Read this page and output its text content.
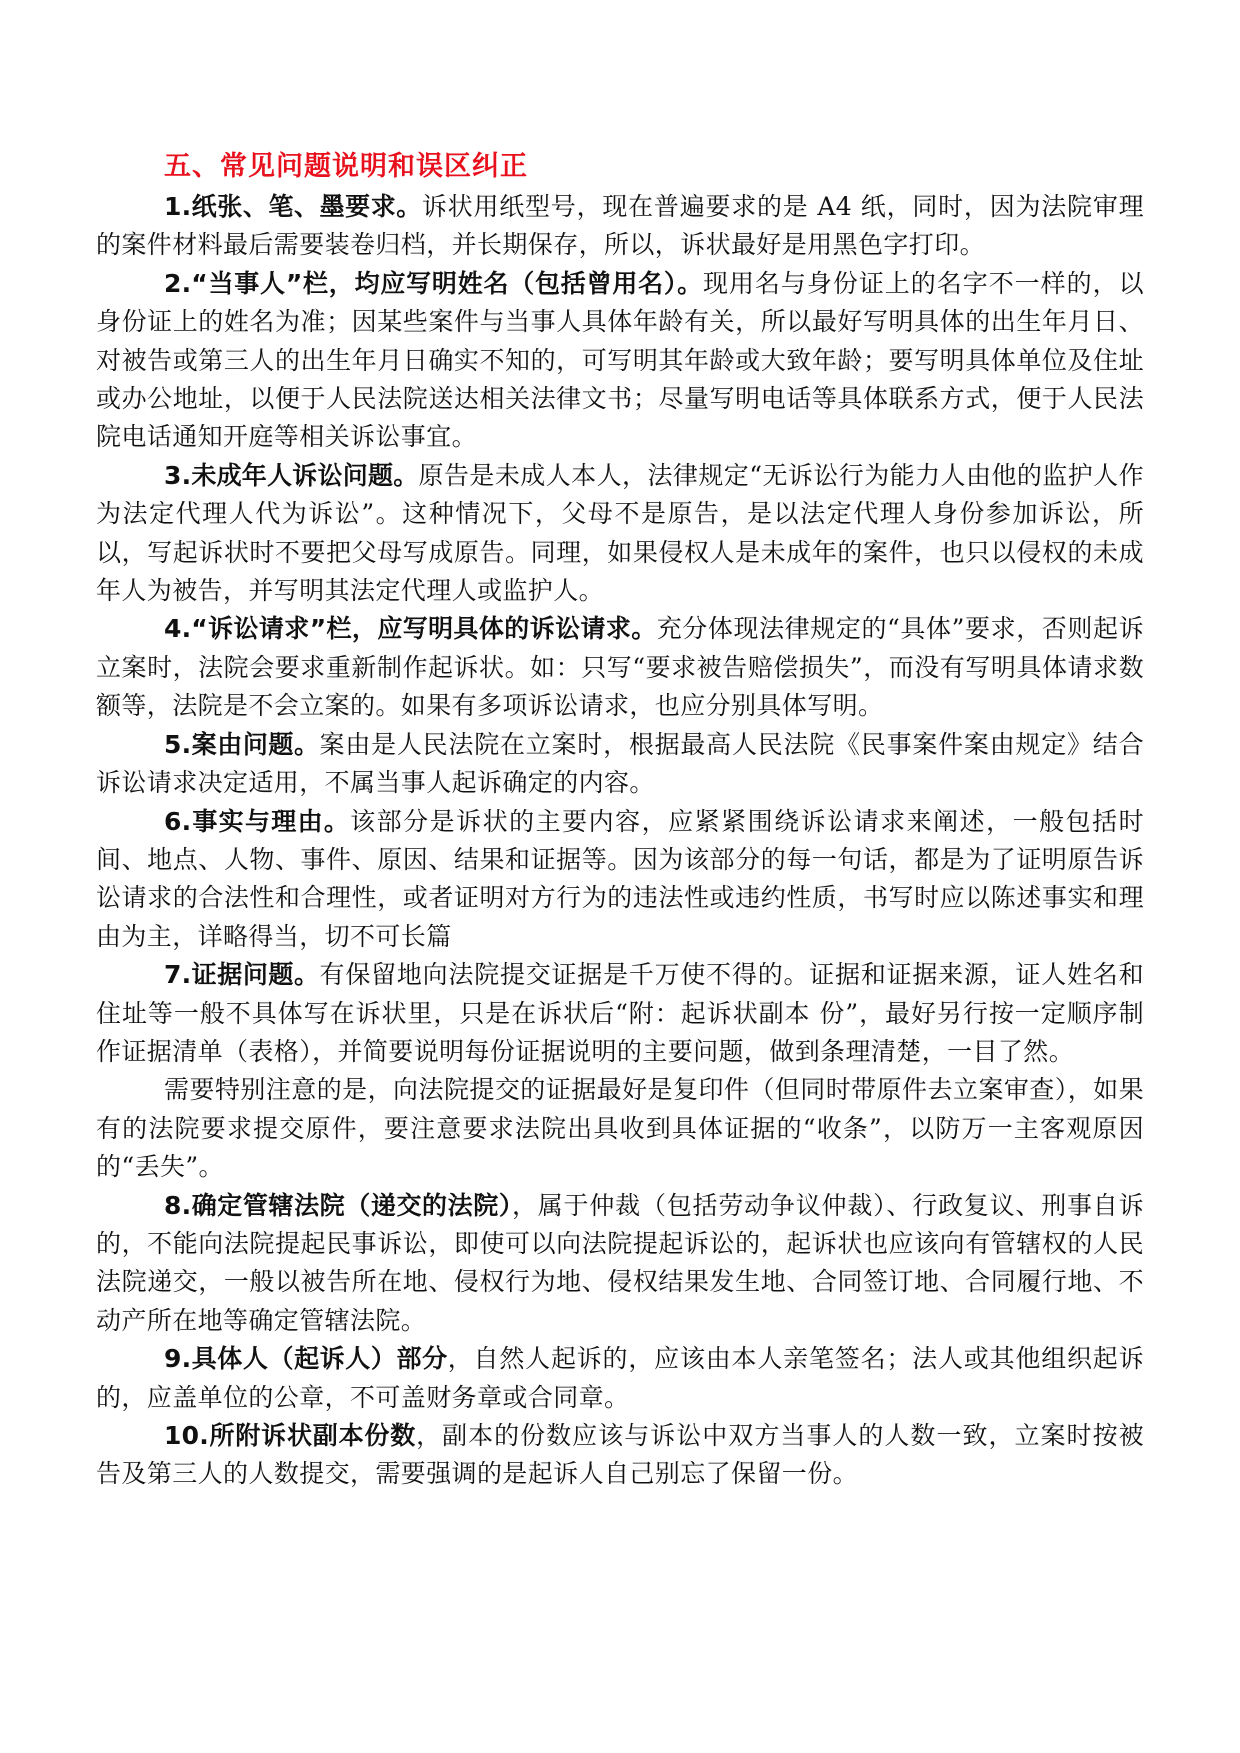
五、常见问题说明和误区纠正

1.纸张、笔、墨要求。诉状用纸型号，现在普遍要求的是 A4 纸，同时，因为法院审理的案件材料最后需要装卷归档，并长期保存，所以，诉状最好是用黑色字打印。

2.“当事人”栏，均应写明姓名（包括曾用名）。现用名与身份证上的名字不一样的，以身份证上的姓名为准；因某些案件与当事人具体年龄有关，所以最好写明具体的出生年月日、对被告或第三人的出生年月日确实不知的，可写明其年龄或大致年龄；要写明具体单位及住址或办公地址，以便于人民法院送达相关法律文书；尽量写明电话等具体联系方式，便于人民法院电话通知开庭等相关诉讼事宜。

3.未成年人诉讼问题。原告是未成人本人，法律规定“无诉讼行为能力人由他的监护人作为法定代理人代为诉讼”。这种情况下，父母不是原告，是以法定代理人身份参加诉讼，所以，写起诉状时不要把父母写成原告。同理，如果侵权人是未成年的案件，也只以侵权的未成年人为被告，并写明其法定代理人或监护人。

4.“诉讼请求”栏，应写明具体的诉讼请求。充分体现法律规定的“具体”要求，否则起诉立案时，法院会要求重新制作起诉状。如：只写“要求被告赔偿损失”，而没有写明具体请求数额等，法院是不会立案的。如果有多项诉讼请求，也应分别具体写明。

5.案由问题。案由是人民法院在立案时，根据最高人民法院《民事案件案由规定》结合诉讼请求决定适用，不属当事人起诉确定的内容。

6.事实与理由。该部分是诉状的主要内容，应紧紧围绕诉讼请求来阐述，一般包括时间、地点、人物、事件、原因、结果和证据等。因为该部分的每一句话，都是为了证明原告诉讼请求的合法性和合理性，或者证明对方行为的违法性或违约性质，书写时应以陈述事实和理由为主，详略得当，切不可长篇

7.证据问题。有保留地向法院提交证据是千万使不得的。证据和证据来源，证人姓名和住址等一般不具体写在诉状里，只是在诉状后“附：起诉状副本 份”，最好另行按一定顺序制作证据清单（表格），并简要说明每份证据说明的主要问题，做到条理清楚，一目了然。

需要特别注意的是，向法院提交的证据最好是复印件（但同时带原件去立案审查），如果有的法院要求提交原件，要注意要求法院出具收到具体证据的“收条”，以防万一主客观原因的“丢失”。

8.确定管辖法院（递交的法院），属于仲裁（包括劳动争议仲裁）、行政复议、刑事自诉的，不能向法院提起民事诉讼，即使可以向法院提起诉讼的，起诉状也应该向有管辖权的人民法院递交，一般以被告所在地、侵权行为地、侵权结果发生地、合同签订地、合同履行地、不动产所在地等确定管辖法院。

9.具体人（起诉人）部分，自然人起诉的，应该由本人亲笔签名；法人或其他组织起诉的，应盖单位的公章，不可盖财务章或合同章。

10.所附诉状副本份数，副本的份数应该与诉讼中双方当事人的人数一致，立案时按被告及第三人的人数提交，需要强调的是起诉人自己别忘了保留一份。
